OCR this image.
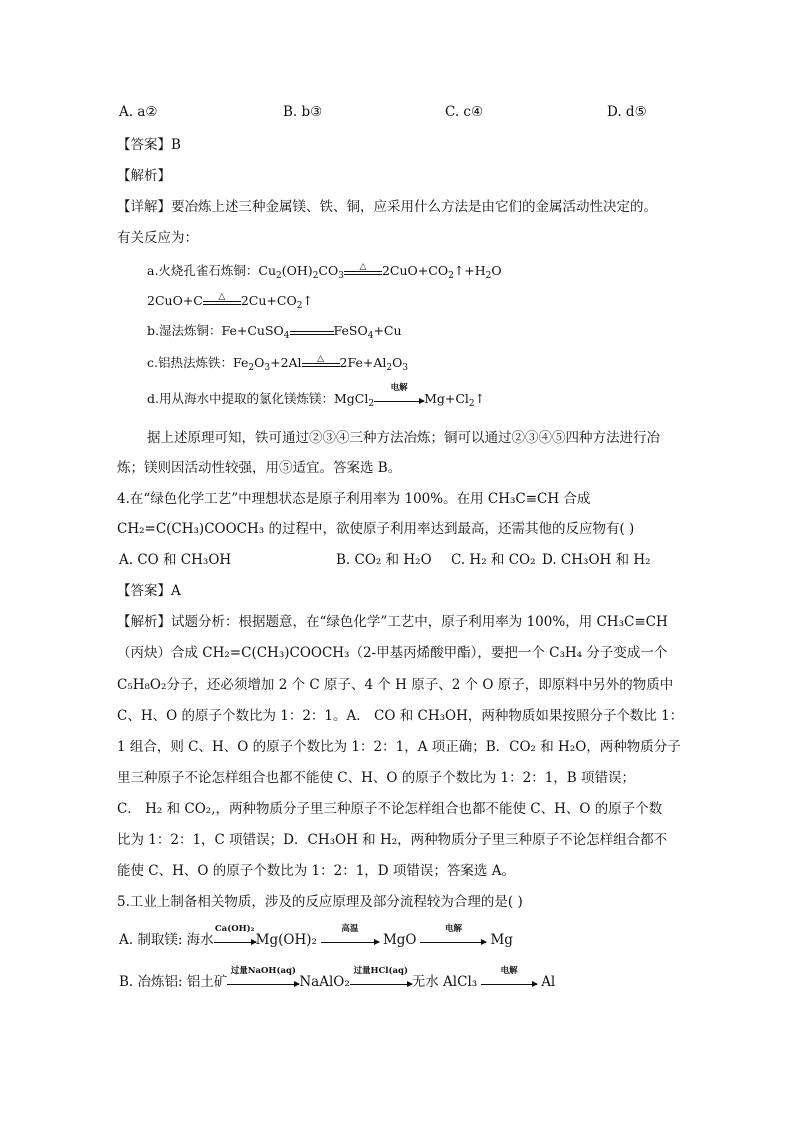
A. a②	B. b③	C. c④	D. d⑤
【答案】B
【解析】
【详解】要冶炼上述三种金属镁、铁、铜，应采用什么方法是由它们的金属活动性决定的。
有关反应为：
a.火烧孔雀石炼铜：$Cu_2(OH)_2CO_3$
△	$2CuO+CO_2↑+H_2O$
2CuO+C	△	$2Cu+CO_2↑$
b.湿法炼铜：Fe+CuSO$_4$	FeSO$_4$+Cu
c.铝热法炼铁：$Fe_2O_3+2Al$	△	$2Fe+Al_2O_3$
d.用从海水中提取的氯化镁炼镁：MgCl$_2$
电解
$Mg+Cl_2↑$
据上述原理可知，铁可通过②③④三种方法冶炼；铜可以通过②③④⑤四种方法进行冶
炼；镁则因活动性较强，用⑤适宜。答案选 B。
4.在“绿色化学工艺”中理想状态是原子利用率为 100%。在用 CH₃C≡CH 合成
CH₂=C(CH₃)COOCH₃ 的过程中，欲使原子利用率达到最高，还需其他的反应物有( )
A. CO 和 CH₃OH	B. CO₂ 和 H₂O C. H₂ 和 CO₂ D. CH₃OH 和 H₂
【答案】A
【解析】试题分析：根据题意，在“绿色化学”工艺中，原子利用率为 100%，用 CH₃C≡CH
（丙炔）合成 CH₂=C(CH₃)COOCH₃（2-甲基丙烯酸甲酯），要把一个 C₃H₄ 分子变成一个
C₅H₈O₂分子，还必须增加 2 个 C 原子、4 个 H 原子、2 个 O 原子，即原料中另外的物质中
C、H、O 的原子个数比为 1：2：1。A． CO 和 CH₃OH，两种物质如果按照分子个数比 1：
1 组合，则 C、H、O 的原子个数比为 1：2：1，A 项正确；B．CO₂ 和 H₂O，两种物质分子
里三种原子不论怎样组合也都不能使 C、H、O 的原子个数比为 1：2：1，B 项错误；
C． H₂ 和 CO₂,，两种物质分子里三种原子不论怎样组合也都不能使 C、H、O 的原子个数
比为 1：2：1，C 项错误；D．CH₃OH 和 H₂，两种物质分子里三种原子不论怎样组合都不
能使 C、H、O 的原子个数比为 1：2：1，D 项错误；答案选 A。
5.工业上制备相关物质，涉及的反应原理及部分流程较为合理的是( )
A. 制取镁: 海水
Ca(OH)₂
Mg(OH)₂
高温
MgO
电解
Mg
B. 冶炼铝: 铝土矿
过量NaOH(aq)
NaAlO₂
过量HCl(aq)
无水 AlCl₃
电解
Al
